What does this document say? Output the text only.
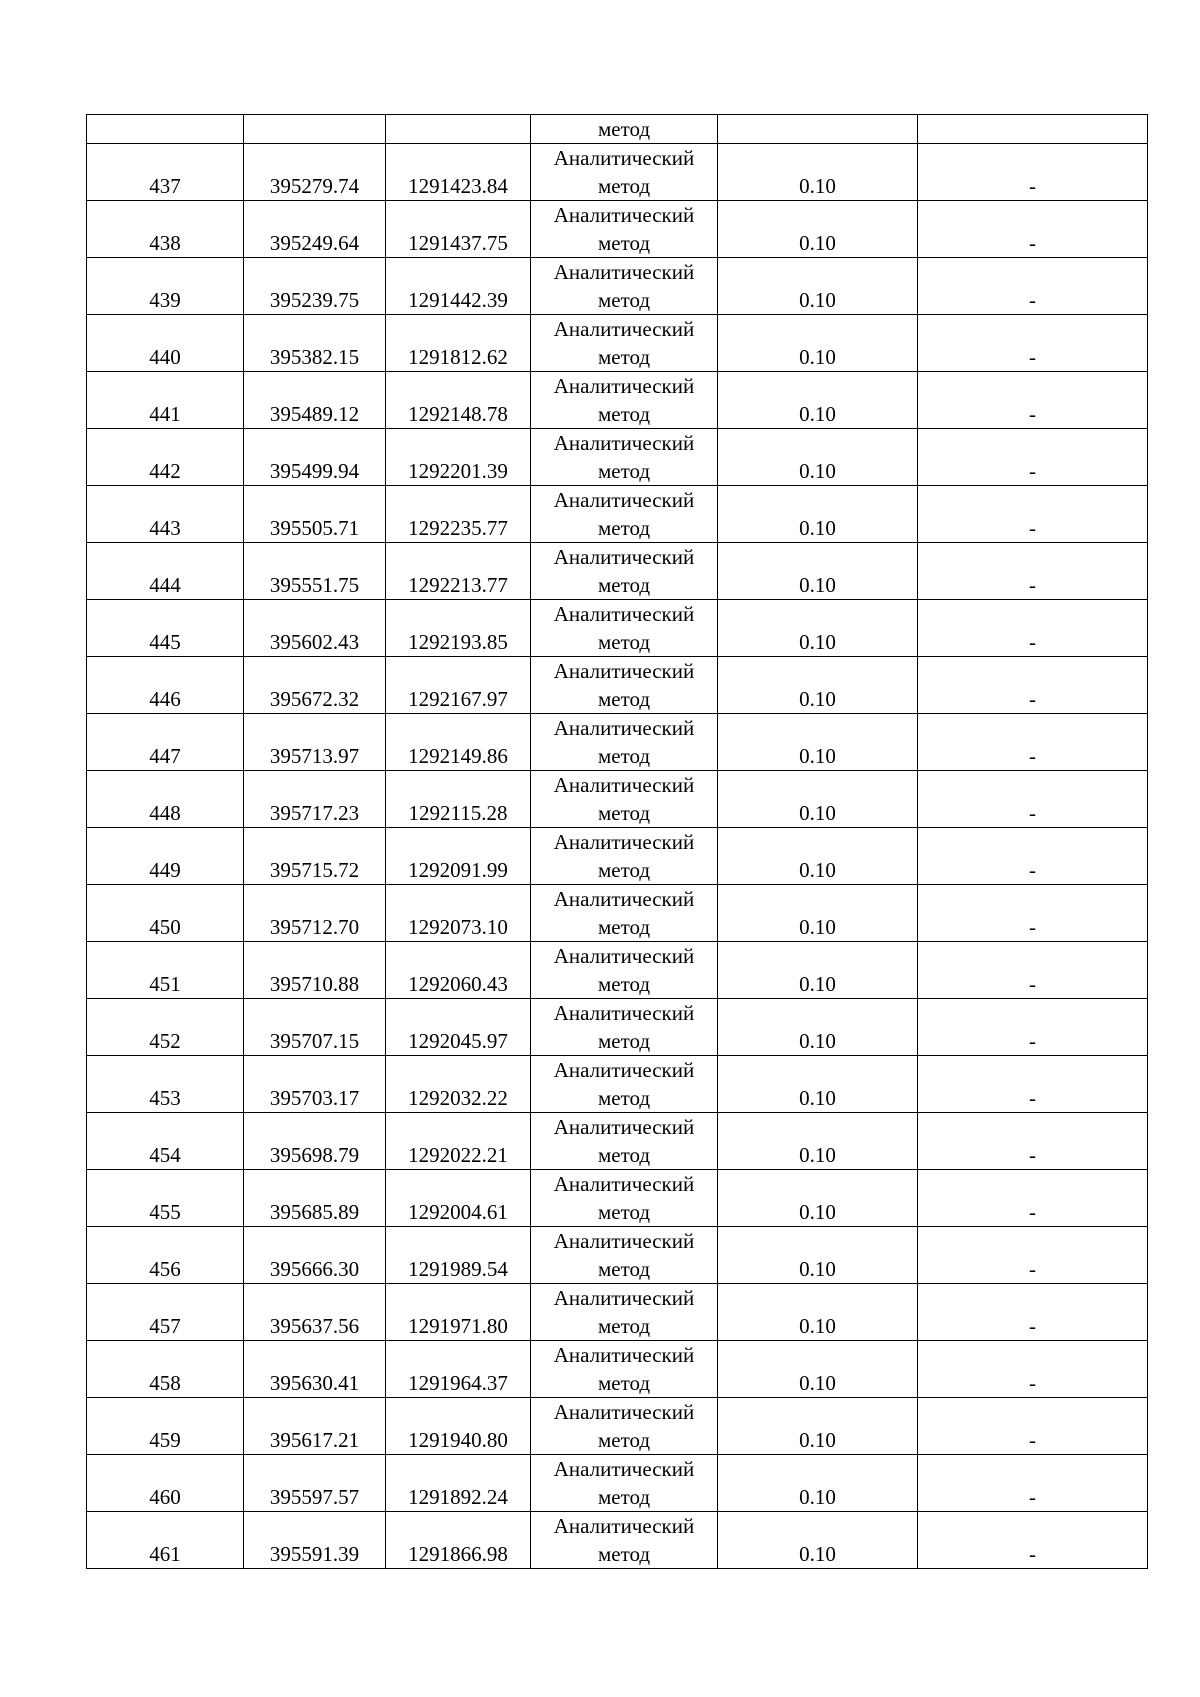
			метод		
437	395279.74	1291423.84	Аналитический
метод	0.10	-
438	395249.64	1291437.75	Аналитический
метод	0.10	-
439	395239.75	1291442.39	Аналитический
метод	0.10	-
440	395382.15	1291812.62	Аналитический
метод	0.10	-
441	395489.12	1292148.78	Аналитический
метод	0.10	-
442	395499.94	1292201.39	Аналитический
метод	0.10	-
443	395505.71	1292235.77	Аналитический
метод	0.10	-
444	395551.75	1292213.77	Аналитический
метод	0.10	-
445	395602.43	1292193.85	Аналитический
метод	0.10	-
446	395672.32	1292167.97	Аналитический
метод	0.10	-
447	395713.97	1292149.86	Аналитический
метод	0.10	-
448	395717.23	1292115.28	Аналитический
метод	0.10	-
449	395715.72	1292091.99	Аналитический
метод	0.10	-
450	395712.70	1292073.10	Аналитический
метод	0.10	-
451	395710.88	1292060.43	Аналитический
метод	0.10	-
452	395707.15	1292045.97	Аналитический
метод	0.10	-
453	395703.17	1292032.22	Аналитический
метод	0.10	-
454	395698.79	1292022.21	Аналитический
метод	0.10	-
455	395685.89	1292004.61	Аналитический
метод	0.10	-
456	395666.30	1291989.54	Аналитический
метод	0.10	-
457	395637.56	1291971.80	Аналитический
метод	0.10	-
458	395630.41	1291964.37	Аналитический
метод	0.10	-
459	395617.21	1291940.80	Аналитический
метод	0.10	-
460	395597.57	1291892.24	Аналитический
метод	0.10	-
461	395591.39	1291866.98	Аналитический
метод	0.10	-
